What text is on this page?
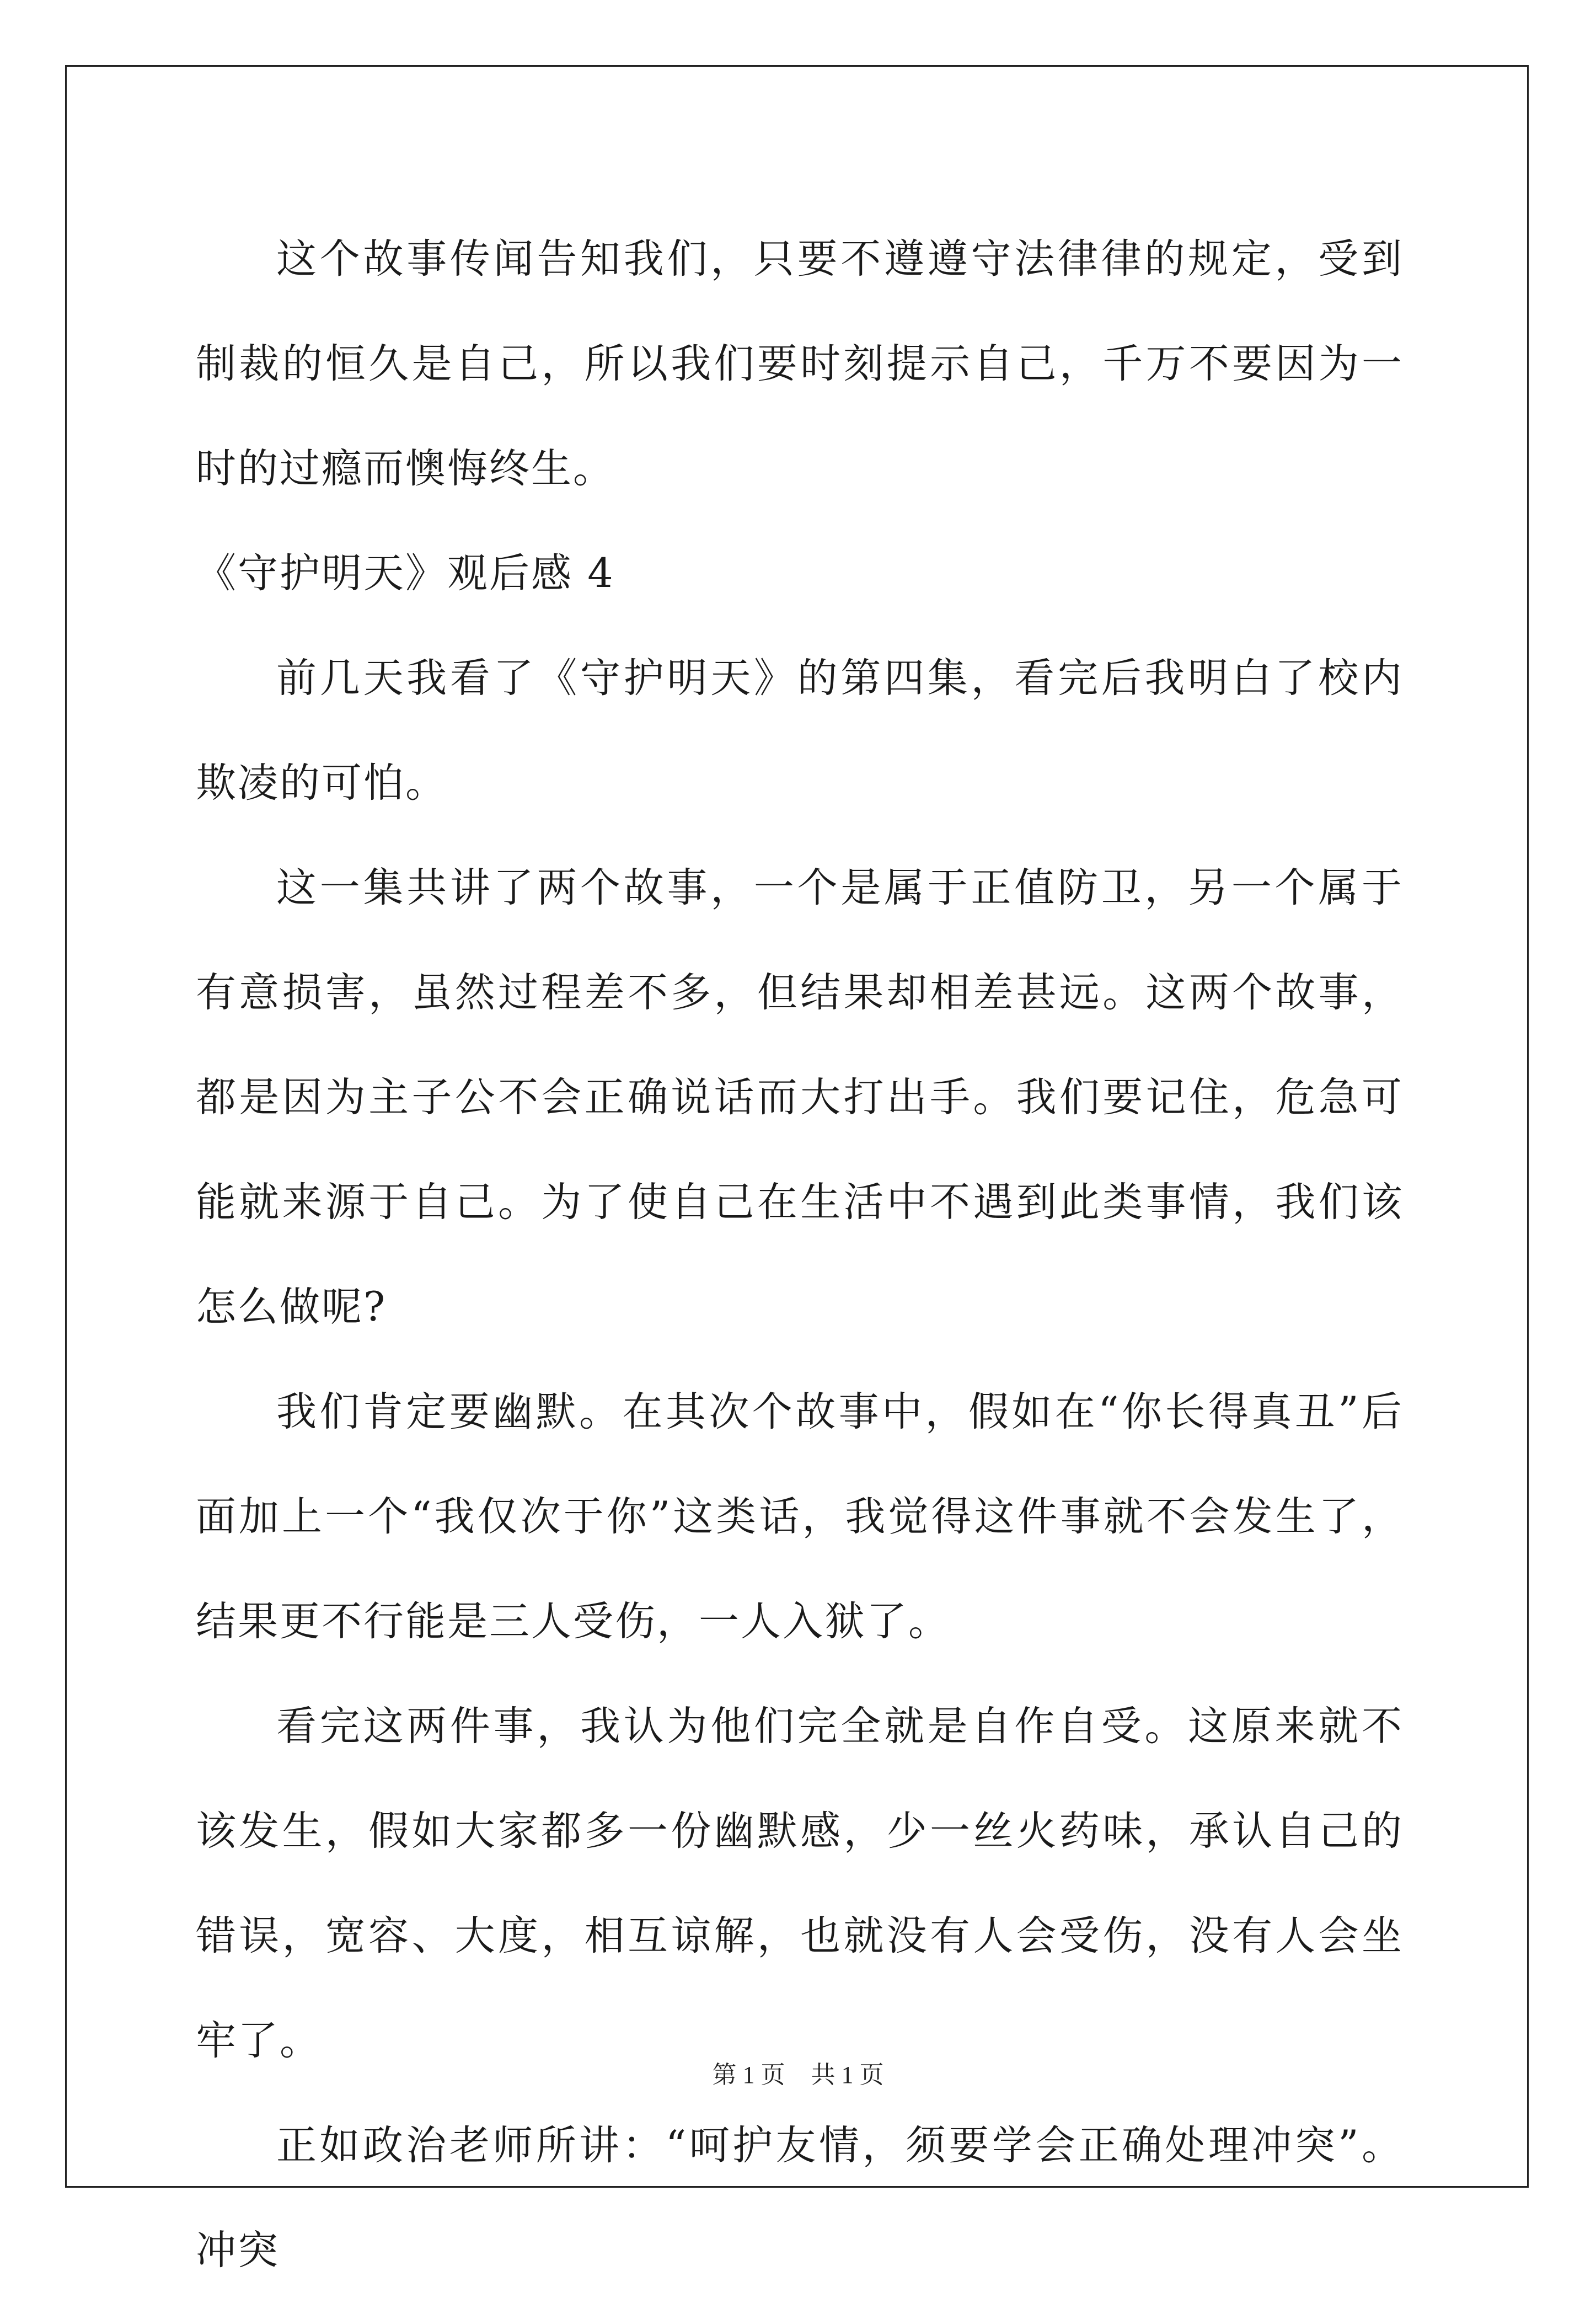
这个故事传闻告知我们，只要不遵遵守法律律的规定，受到制裁的恒久是自己，所以我们要时刻提示自己，千万不要因为一时的过瘾而懊悔终生。

《守护明天》观后感 4

前几天我看了《守护明天》的第四集，看完后我明白了校内欺凌的可怕。

这一集共讲了两个故事，一个是属于正值防卫，另一个属于有意损害，虽然过程差不多，但结果却相差甚远。这两个故事，都是因为主子公不会正确说话而大打出手。我们要记住，危急可能就来源于自己。为了使自己在生活中不遇到此类事情，我们该怎么做呢?

我们肯定要幽默。在其次个故事中，假如在“你长得真丑”后面加上一个“我仅次于你”这类话，我觉得这件事就不会发生了，结果更不行能是三人受伤，一人入狱了。

看完这两件事，我认为他们完全就是自作自受。这原来就不该发生，假如大家都多一份幽默感，少一丝火药味，承认自己的错误，宽容、大度，相互谅解，也就没有人会受伤，没有人会坐牢了。

正如政治老师所讲：“呵护友情，须要学会正确处理冲突”。冲突

第 1 页 共 1 页
